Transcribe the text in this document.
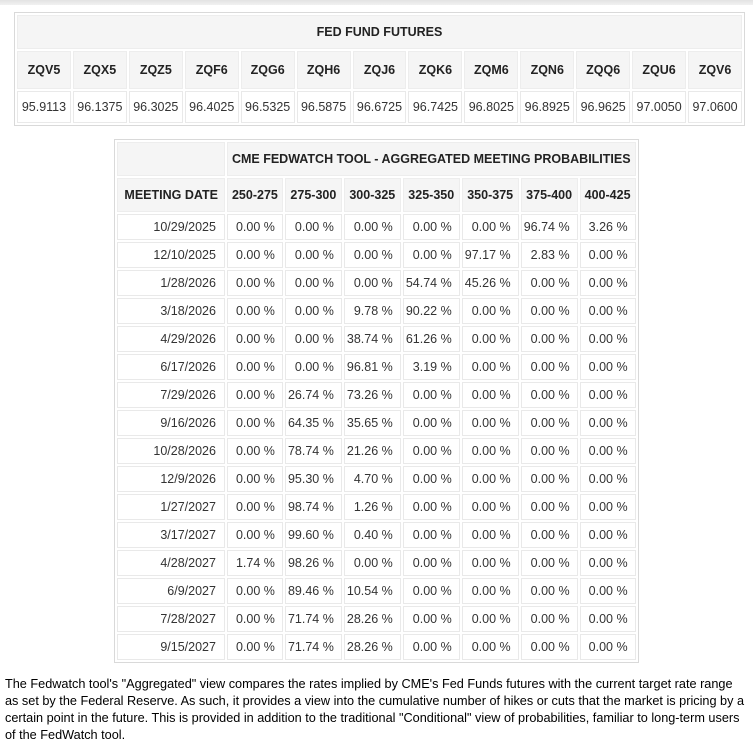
FED FUND FUTURES												
ZQV5	ZQX5	ZQZ5	ZQF6	ZQG6	ZQH6	ZQJ6	ZQK6	ZQM6	ZQN6	ZQQ6	ZQU6	ZQV6
95.9113	96.1375	96.3025	96.4025	96.5325	96.5875	96.6725	96.7425	96.8025	96.8925	96.9625	97.0050	97.0600
	CME FEDWATCH TOOL - AGGREGATED MEETING PROBABILITIES						
MEETING DATE	250-275	275-300	300-325	325-350	350-375	375-400	400-425
10/29/2025	0.00 %	0.00 %	0.00 %	0.00 %	0.00 %	96.74 %	3.26 %
12/10/2025	0.00 %	0.00 %	0.00 %	0.00 %	97.17 %	2.83 %	0.00 %
1/28/2026	0.00 %	0.00 %	0.00 %	54.74 %	45.26 %	0.00 %	0.00 %
3/18/2026	0.00 %	0.00 %	9.78 %	90.22 %	0.00 %	0.00 %	0.00 %
4/29/2026	0.00 %	0.00 %	38.74 %	61.26 %	0.00 %	0.00 %	0.00 %
6/17/2026	0.00 %	0.00 %	96.81 %	3.19 %	0.00 %	0.00 %	0.00 %
7/29/2026	0.00 %	26.74 %	73.26 %	0.00 %	0.00 %	0.00 %	0.00 %
9/16/2026	0.00 %	64.35 %	35.65 %	0.00 %	0.00 %	0.00 %	0.00 %
10/28/2026	0.00 %	78.74 %	21.26 %	0.00 %	0.00 %	0.00 %	0.00 %
12/9/2026	0.00 %	95.30 %	4.70 %	0.00 %	0.00 %	0.00 %	0.00 %
1/27/2027	0.00 %	98.74 %	1.26 %	0.00 %	0.00 %	0.00 %	0.00 %
3/17/2027	0.00 %	99.60 %	0.40 %	0.00 %	0.00 %	0.00 %	0.00 %
4/28/2027	1.74 %	98.26 %	0.00 %	0.00 %	0.00 %	0.00 %	0.00 %
6/9/2027	0.00 %	89.46 %	10.54 %	0.00 %	0.00 %	0.00 %	0.00 %
7/28/2027	0.00 %	71.74 %	28.26 %	0.00 %	0.00 %	0.00 %	0.00 %
9/15/2027	0.00 %	71.74 %	28.26 %	0.00 %	0.00 %	0.00 %	0.00 %

The Fedwatch tool's "Aggregated" view compares the rates implied by CME's Fed Funds futures with the current target rate range as set by the Federal Reserve. As such, it provides a view into the cumulative number of hikes or cuts that the market is pricing by a certain point in the future. This is provided in addition to the traditional "Conditional" view of probabilities, familiar to long-term users of the FedWatch tool.
